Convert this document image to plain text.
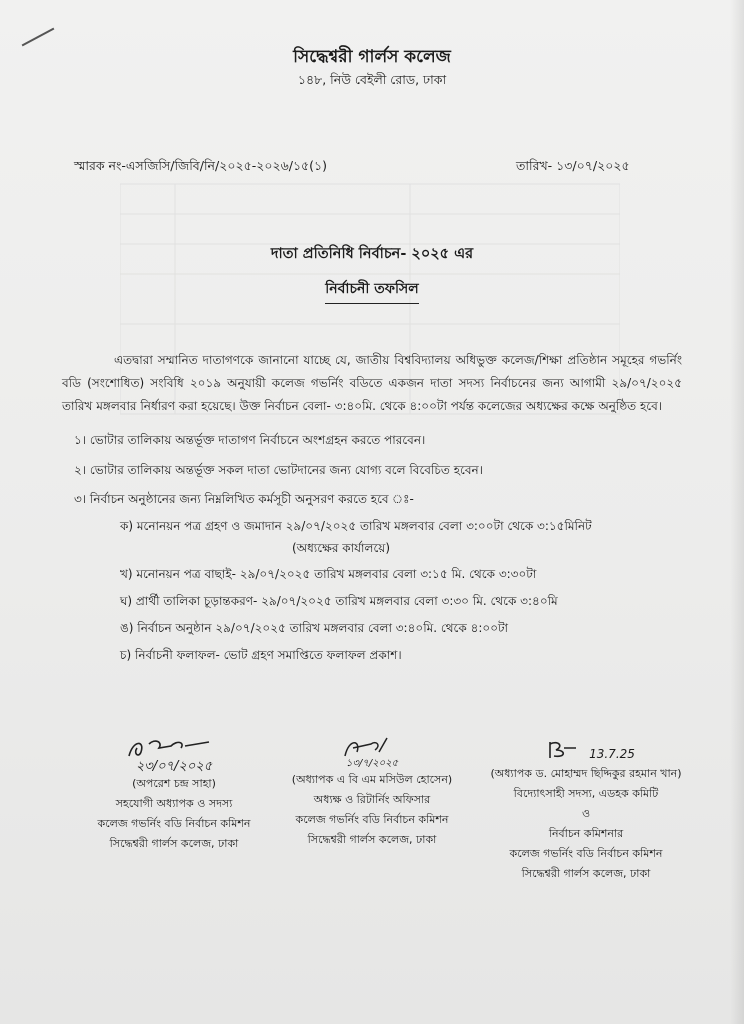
সিদ্ধেশ্বরী গার্লস কলেজ
১৪৮, নিউ বেইলী রোড, ঢাকা
স্মারক নং-এসজিসি/জিবি/নি/২০২৫-২০২৬/১৫(১)	তারিখ- ১৩/০৭/২০২৫
দাতা প্রতিনিধি নির্বাচন- ২০২৫ এর
নির্বাচনী তফসিল
এতদ্বারা সম্মানিত দাতাগণকে জানানো যাচ্ছে যে, জাতীয় বিশ্ববিদ্যালয় অধিভুক্ত কলেজ/শিক্ষা প্রতিষ্ঠান সমূহের গভর্নিং বডি (সংশোধিত) সংবিধি ২০১৯ অনুযায়ী কলেজ গভর্নিং বডিতে একজন দাতা সদস্য নির্বাচনের জন্য আগামী ২৯/০৭/২০২৫ তারিখ মঙ্গলবার নির্ধারণ করা হয়েছে। উক্ত নির্বাচন বেলা- ৩:৪০মি. থেকে ৪:০০টা পর্যন্ত কলেজের অধ্যক্ষের কক্ষে অনুষ্ঠিত হবে।
১। ভোটার তালিকায় অন্তর্ভূক্ত দাতাগণ নির্বাচনে অংশগ্রহন করতে পারবেন।
২। ভোটার তালিকায় অন্তর্ভূক্ত সকল দাতা ভোটদানের জন্য যোগ্য বলে বিবেচিত হবেন।
৩। নির্বাচন অনুষ্ঠানের জন্য নিম্নলিখিত কর্মসূচী অনুসরণ করতে হবে ঃ-
ক) মনোনয়ন পত্র গ্রহণ ও জমাদান ২৯/০৭/২০২৫ তারিখ মঙ্গলবার বেলা ৩:০০টা থেকে ৩:১৫মিনিট
(অধ্যক্ষের কার্যালয়ে)
খ) মনোনয়ন পত্র বাছাই- ২৯/০৭/২০২৫ তারিখ মঙ্গলবার বেলা ৩:১৫ মি. থেকে ৩:৩০টা
ঘ) প্রার্থী তালিকা চূড়ান্তকরণ- ২৯/০৭/২০২৫ তারিখ মঙ্গলবার বেলা ৩:৩০ মি. থেকে ৩:৪০মি
ঙ) নির্বাচন অনুষ্ঠান ২৯/০৭/২০২৫ তারিখ মঙ্গলবার বেলা ৩:৪০মি. থেকে ৪:০০টা
চ) নির্বাচনী ফলাফল- ভোট গ্রহণ সমাপ্তিতে ফলাফল প্রকাশ।
২৩/০৭/২০২৫
(অপরেশ চন্দ্র সাহা)
সহযোগী অধ্যাপক ও সদস্য
কলেজ গভর্নিং বডি নির্বাচন কমিশন
সিদ্ধেশ্বরী গার্লস কলেজ, ঢাকা
১৩/৭/২০২৫
(অধ্যাপক এ বি এম মসিউল হোসেন)
অধ্যক্ষ ও রিটার্নিং অফিসার
কলেজ গভর্নিং বডি নির্বাচন কমিশন
সিদ্ধেশ্বরী গার্লস কলেজ, ঢাকা
13.7.25
(অধ্যাপক ড. মোহাম্মদ ছিদ্দিকুর রহমান খান)
বিদ্যোৎসাহী সদস্য, এডহক কমিটি
ও
নির্বাচন কমিশনার
কলেজ গভর্নিং বডি নির্বাচন কমিশন
সিদ্ধেশ্বরী গার্লস কলেজ, ঢাকা
